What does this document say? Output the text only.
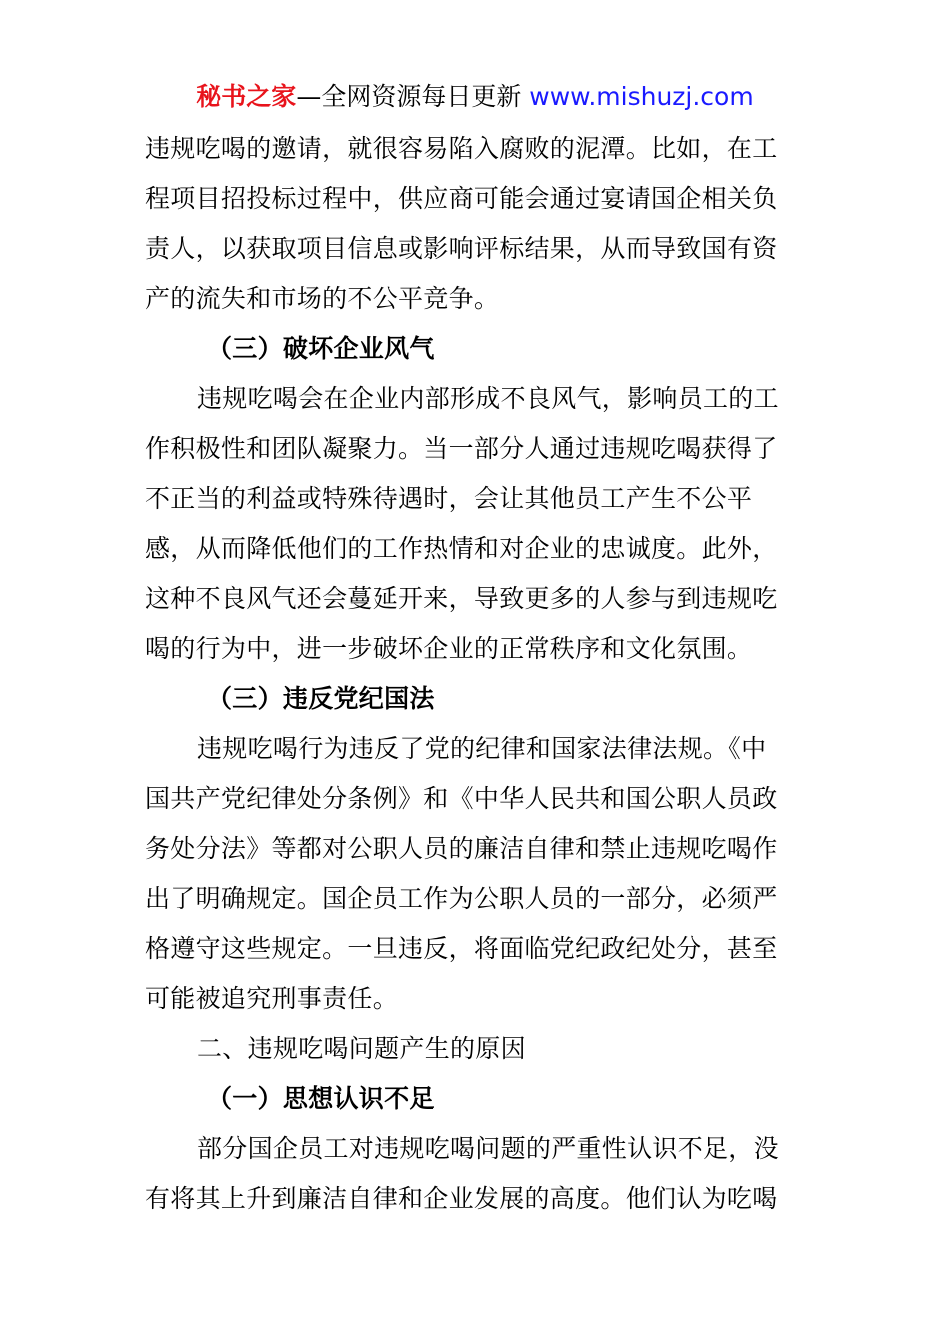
秘书之家—全网资源每日更新 www.mishuzj.com
违规吃喝的邀请，就很容易陷入腐败的泥潭。比如，在工
程项目招投标过程中，供应商可能会通过宴请国企相关负
责人，以获取项目信息或影响评标结果，从而导致国有资
产的流失和市场的不公平竞争。
（三）破坏企业风气
违规吃喝会在企业内部形成不良风气，影响员工的工
作积极性和团队凝聚力。当一部分人通过违规吃喝获得了
不正当的利益或特殊待遇时，会让其他员工产生不公平
感，从而降低他们的工作热情和对企业的忠诚度。此外，
这种不良风气还会蔓延开来，导致更多的人参与到违规吃
喝的行为中，进一步破坏企业的正常秩序和文化氛围。
（三）违反党纪国法
违规吃喝行为违反了党的纪律和国家法律法规。《中
国共产党纪律处分条例》和《中华人民共和国公职人员政
务处分法》等都对公职人员的廉洁自律和禁止违规吃喝作
出了明确规定。国企员工作为公职人员的一部分，必须严
格遵守这些规定。一旦违反，将面临党纪政纪处分，甚至
可能被追究刑事责任。
二、违规吃喝问题产生的原因
（一）思想认识不足
部分国企员工对违规吃喝问题的严重性认识不足，没
有将其上升到廉洁自律和企业发展的高度。他们认为吃喝
